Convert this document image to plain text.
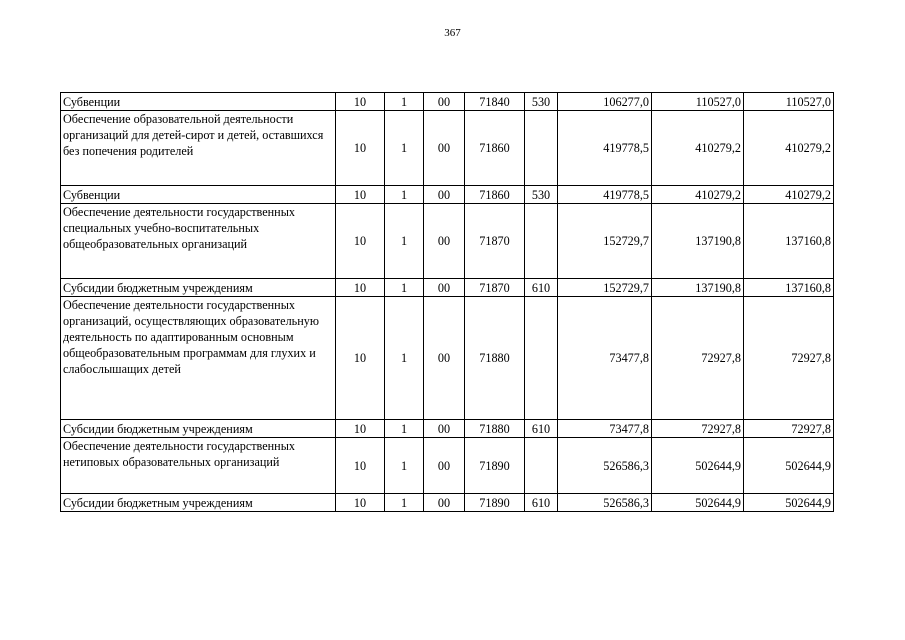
367
Субвенции	10	1	00	71840	530	106277,0	110527,0	110527,0
Обеспечение образовательной деятельности организаций для детей-сирот и детей, оставшихся без попечения родителей	10	1	00	71860		419778,5	410279,2	410279,2
Субвенции	10	1	00	71860	530	419778,5	410279,2	410279,2
Обеспечение деятельности государственных специальных учебно-воспитательных общеобразовательных организаций	10	1	00	71870		152729,7	137190,8	137160,8
Субсидии бюджетным учреждениям	10	1	00	71870	610	152729,7	137190,8	137160,8
Обеспечение деятельности государственных организаций, осуществляющих образовательную деятельность по адаптированным основным общеобразовательным программам для глухих и слабослышащих детей	10	1	00	71880		73477,8	72927,8	72927,8
Субсидии бюджетным учреждениям	10	1	00	71880	610	73477,8	72927,8	72927,8
Обеспечение деятельности государственных нетиповых образовательных организаций	10	1	00	71890		526586,3	502644,9	502644,9
Субсидии бюджетным учреждениям	10	1	00	71890	610	526586,3	502644,9	502644,9
